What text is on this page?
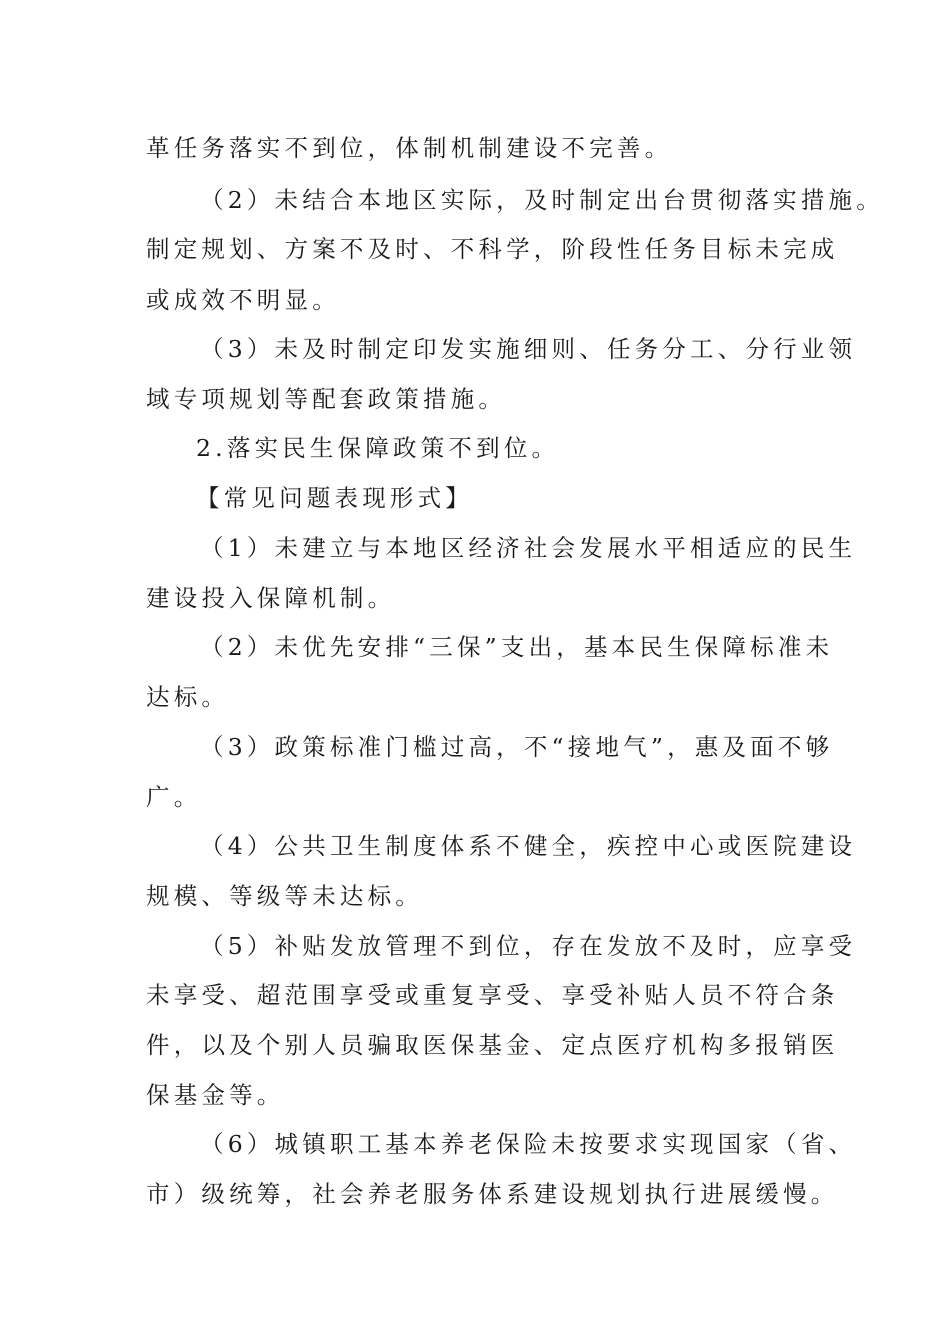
革任务落实不到位，体制机制建设不完善。
（2）未结合本地区实际，及时制定出台贯彻落实措施。
制定规划、方案不及时、不科学，阶段性任务目标未完成
或成效不明显。
（3）未及时制定印发实施细则、任务分工、分行业领
域专项规划等配套政策措施。
2.落实民生保障政策不到位。
【常见问题表现形式】
（1）未建立与本地区经济社会发展水平相适应的民生
建设投入保障机制。
（2）未优先安排“三保”支出，基本民生保障标准未
达标。
（3）政策标准门槛过高，不“接地气”，惠及面不够
广。
（4）公共卫生制度体系不健全，疾控中心或医院建设
规模、等级等未达标。
（5）补贴发放管理不到位，存在发放不及时，应享受
未享受、超范围享受或重复享受、享受补贴人员不符合条
件，以及个别人员骗取医保基金、定点医疗机构多报销医
保基金等。
（6）城镇职工基本养老保险未按要求实现国家（省、
市）级统筹，社会养老服务体系建设规划执行进展缓慢。
